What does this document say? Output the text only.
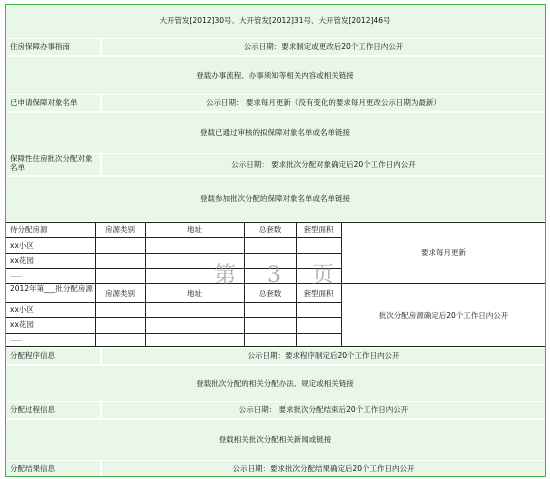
大开管发[2012]30号、大开管发[2012]31号、大开管发[2012]46号
住房保障办事指南	公示日期：要求制定或更改后20个工作日内公开
登载办事流程、办事须知等相关内容或相关链接
已申请保障对象名单	公示日期： 要求每月更新（没有变化的要求每月更改公示日期为最新）
登载已通过审核的拟保障对象名单或名单链接
保障性住房批次分配对象名单	公示日期： 要求批次分配对象确定后20个工作日内公开
登载参加批次分配的保障对象名单或名单链接
待分配房源	房源类别	地址	总套数	套型面积
xx小区
xx花园
……
要求每月更新
2012年第___批分配房源
房源类别	地址	总套数	套型面积
xx小区
xx花园
……
批次分配房源确定后20个工作日内公开
分配程序信息	公示日期：要求程序制定后20个工作日内公开
登载批次分配的相关分配办法、规定或相关链接
分配过程信息	公示日期： 要求批次分配结束后20个工作日内公开
登载相关批次分配相关新闻或链接
分配结果信息	公示日期：要求批次分配结果确定后20个工作日内公开
第 3 页
